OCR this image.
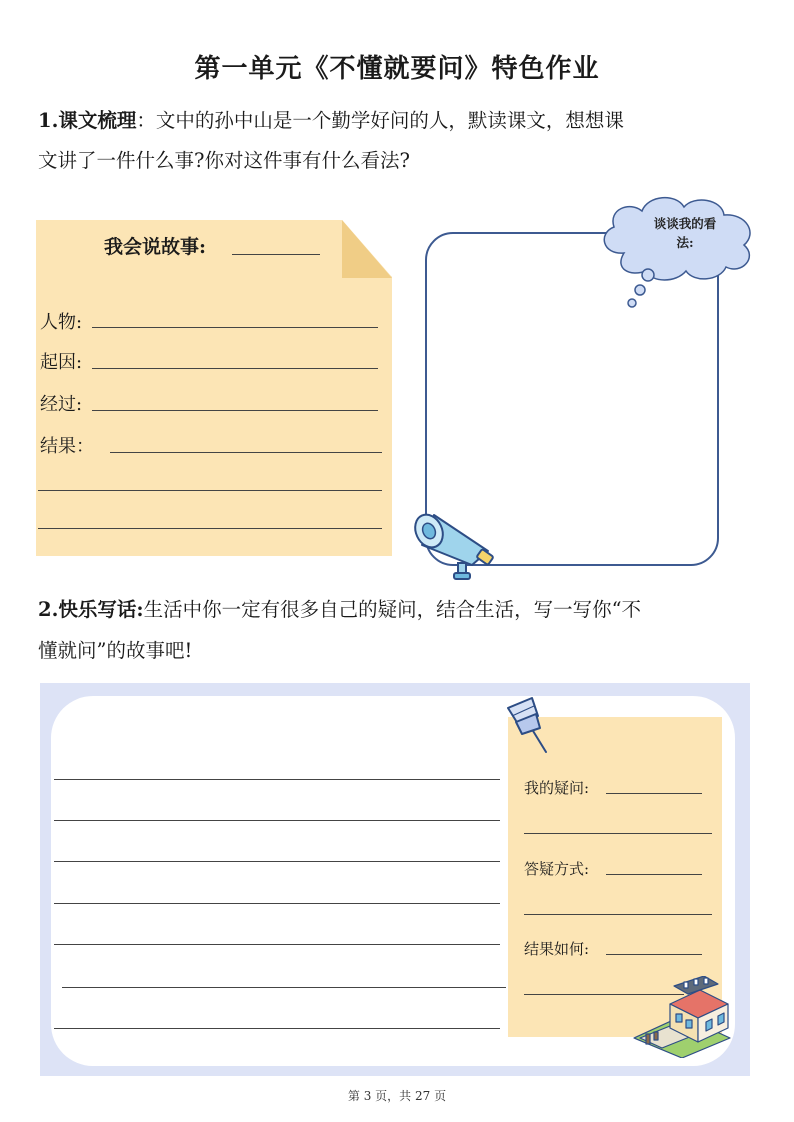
第一单元《不懂就要问》特色作业
1.课文梳理：文中的孙中山是一个勤学好问的人，默读课文，想想课
文讲了一件什么事?你对这件事有什么看法?
我会说故事:
人物:
起因:
经过:
结果：
谈谈我的看
法:
2.快乐写话:生活中你一定有很多自己的疑问，结合生活，写一写你“不
懂就问”的故事吧!
我的疑问:
答疑方式:
结果如何:
第 3 页，共 27 页
